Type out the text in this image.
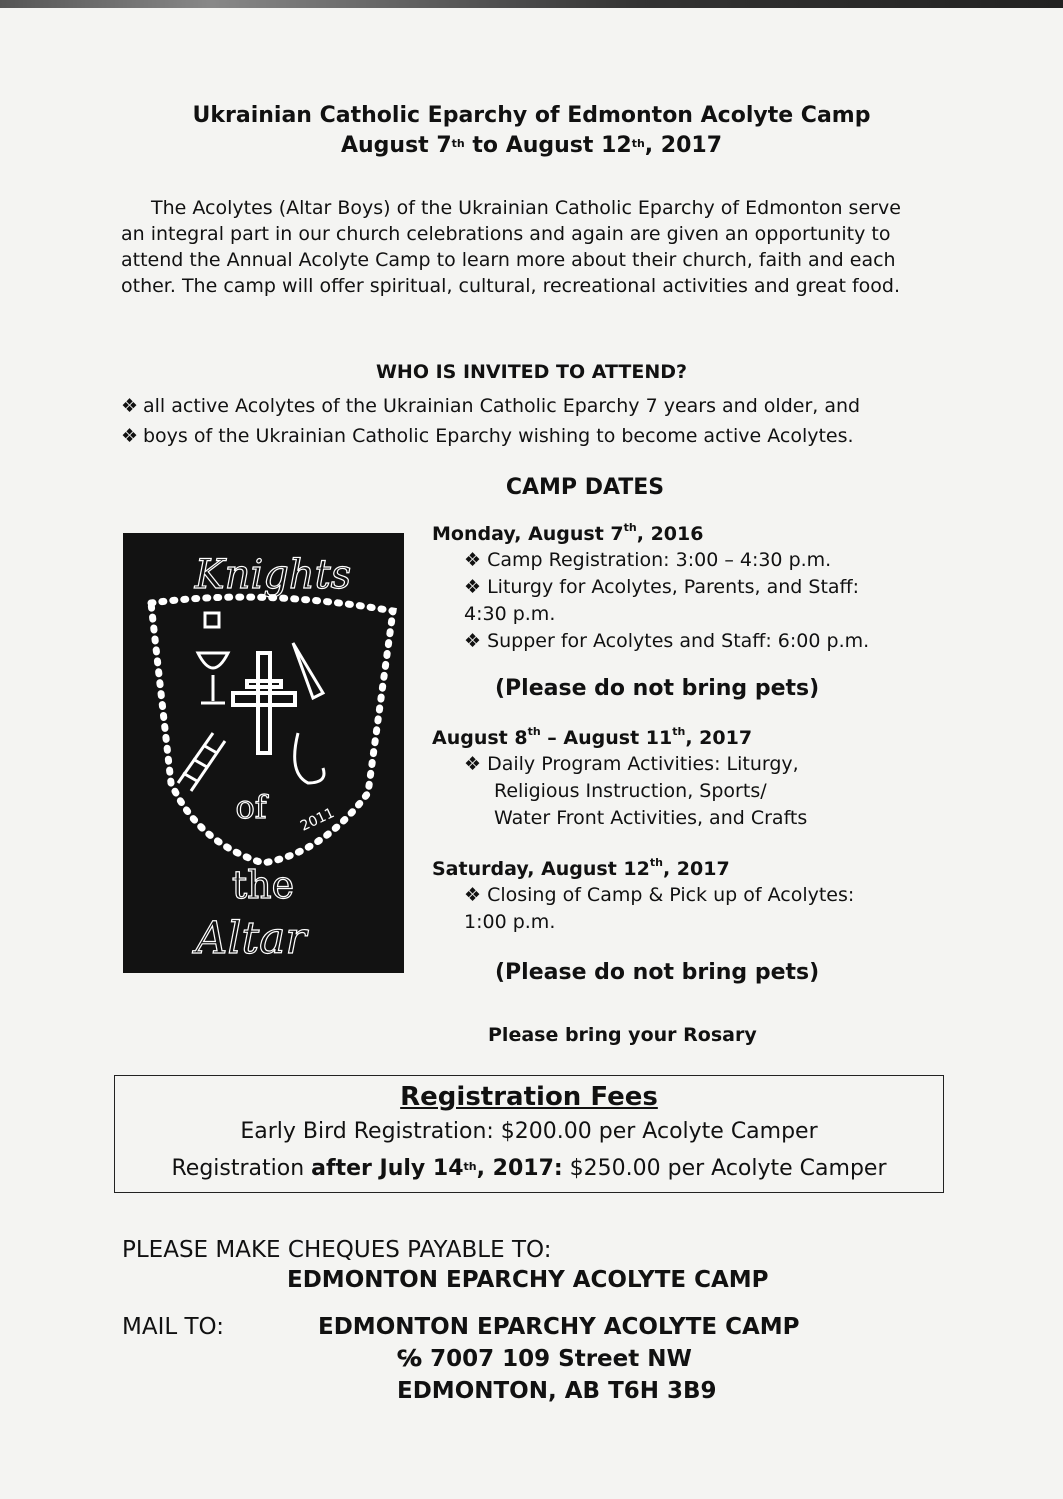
Ukrainian Catholic Eparchy of Edmonton Acolyte Camp
August 7th to August 12th, 2017

The Acolytes (Altar Boys) of the Ukrainian Catholic Eparchy of Edmonton serve an integral part in our church celebrations and again are given an opportunity to attend the Annual Acolyte Camp to learn more about their church, faith and each other. The camp will offer spiritual, cultural, recreational activities and great food.

WHO IS INVITED TO ATTEND?
❖ all active Acolytes of the Ukrainian Catholic Eparchy 7 years and older, and
❖ boys of the Ukrainian Catholic Eparchy wishing to become active Acolytes.
Knights
of 2011
the
Altar
CAMP DATES
Monday, August 7th, 2016
❖ Camp Registration: 3:00 – 4:30 p.m.
❖ Liturgy for Acolytes, Parents, and Staff:
4:30 p.m.
❖ Supper for Acolytes and Staff: 6:00 p.m.
(Please do not bring pets)
August 8th – August 11th, 2017
❖ Daily Program Activities: Liturgy,
Religious Instruction, Sports/
Water Front Activities, and Crafts
Saturday, August 12th, 2017
❖ Closing of Camp & Pick up of Acolytes:
1:00 p.m.
(Please do not bring pets)
Please bring your Rosary
Registration Fees
Early Bird Registration: $200.00 per Acolyte Camper
Registration after July 14th, 2017: $250.00 per Acolyte Camper
PLEASE MAKE CHEQUES PAYABLE TO:
EDMONTON EPARCHY ACOLYTE CAMP
MAIL TO:	EDMONTON EPARCHY ACOLYTE CAMP
℅ 7007 109 Street NW
EDMONTON, AB T6H 3B9
